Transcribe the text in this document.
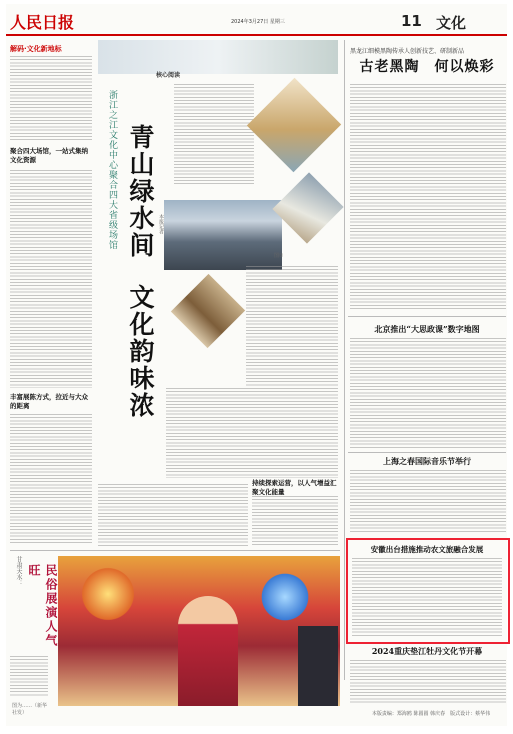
人民日报	2024年3月27日 星期三	11 文化
解码·文化新地标
聚合四大场馆，一站式集纳文化资源
丰富展陈方式，拉近与大众的距离
核心阅读
图①
青山绿水间
文化韵味浓
浙江之江文化中心聚合四大省级场馆	本报记者
持续探索运营，以人气增益汇聚文化能量
黑龙江细模黑陶传承人创新技艺、研制新品
古老黑陶　何以焕彩
北京推出“大思政课”数字地图
上海之春国际音乐节举行
安徽出台措施推动农文旅融合发展
2024重庆垫江牡丹文化节开幕
甘肃天水：	民俗展演人气旺
图为……（新华社发）	本版责编：郑海鸥 陈圆圆 韩庆春　版式设计：蔡华伟
